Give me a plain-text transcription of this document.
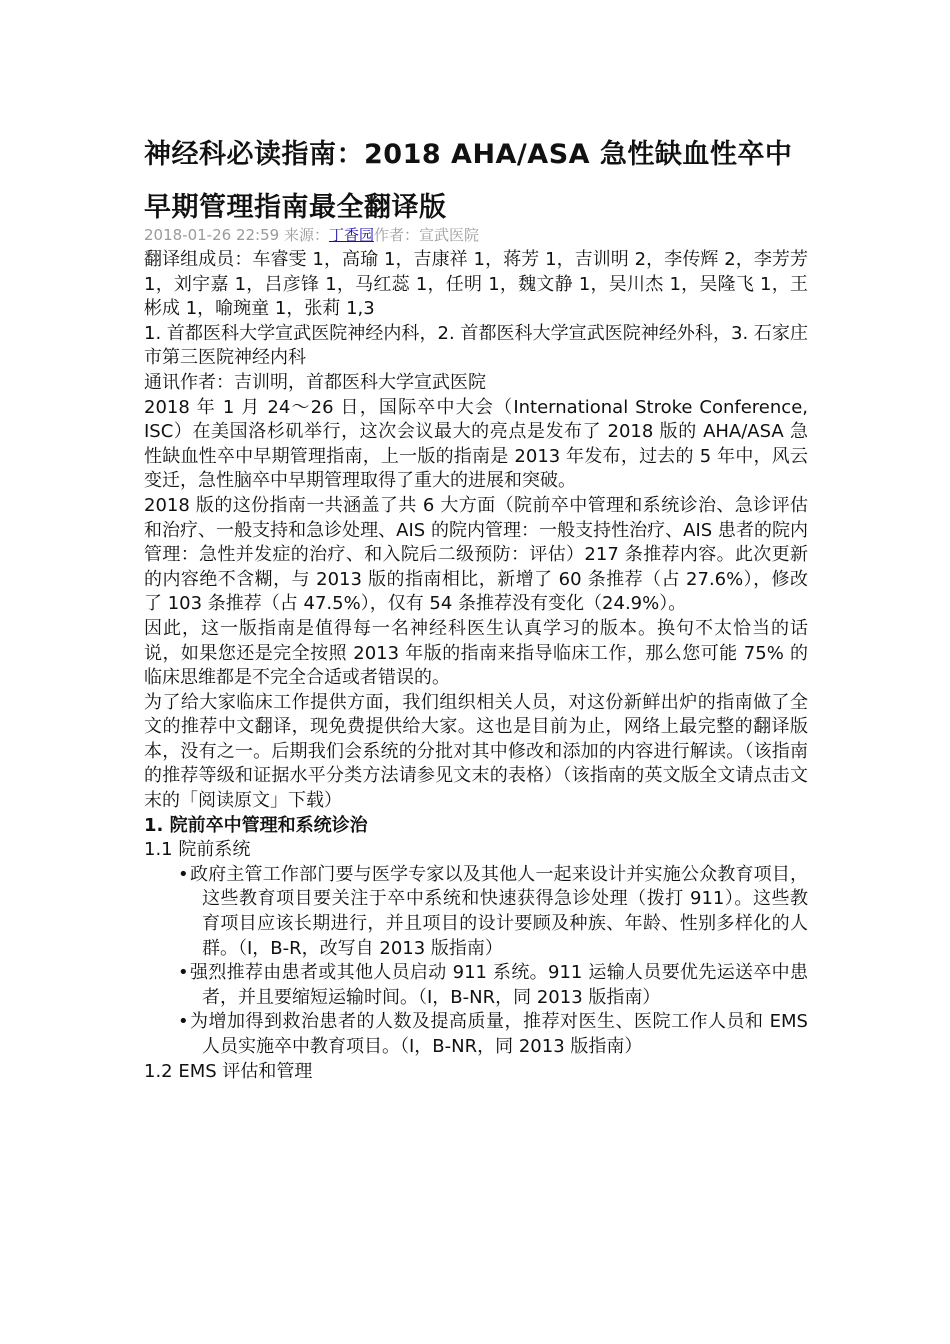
神经科必读指南：2018 AHA/ASA 急性缺血性卒中早期管理指南最全翻译版
2018-01-26 22:59 来源：丁香园作者：宣武医院

翻译组成员：车睿雯 1，高瑜 1，吉康祥 1，蒋芳 1，吉训明 2，李传辉 2，李芳芳 1，刘宇嘉 1，吕彦锋 1，马红蕊 1，任明 1，魏文静 1，吴川杰 1，吴隆飞 1，王彬成 1，喻琬童 1，张莉 1,3

1. 首都医科大学宣武医院神经内科，2. 首都医科大学宣武医院神经外科，3. 石家庄市第三医院神经内科

通讯作者：吉训明，首都医科大学宣武医院

2018 年 1 月 24～26 日，国际卒中大会（International Stroke Conference, ISC）在美国洛杉矶举行，这次会议最大的亮点是发布了 2018 版的 AHA/ASA 急性缺血性卒中早期管理指南，上一版的指南是 2013 年发布，过去的 5 年中，风云变迁，急性脑卒中早期管理取得了重大的进展和突破。

2018 版的这份指南一共涵盖了共 6 大方面（院前卒中管理和系统诊治、急诊评估和治疗、一般支持和急诊处理、AIS 的院内管理：一般支持性治疗、AIS 患者的院内管理：急性并发症的治疗、和入院后二级预防：评估）217 条推荐内容。此次更新的内容绝不含糊，与 2013 版的指南相比，新增了 60 条推荐（占 27.6%），修改了 103 条推荐（占 47.5%），仅有 54 条推荐没有变化（24.9%）。

因此，这一版指南是值得每一名神经科医生认真学习的版本。换句不太恰当的话说，如果您还是完全按照 2013 年版的指南来指导临床工作，那么您可能 75% 的临床思维都是不完全合适或者错误的。

为了给大家临床工作提供方面，我们组织相关人员，对这份新鲜出炉的指南做了全文的推荐中文翻译，现免费提供给大家。这也是目前为止，网络上最完整的翻译版本，没有之一。后期我们会系统的分批对其中修改和添加的内容进行解读。（该指南的推荐等级和证据水平分类方法请参见文末的表格）（该指南的英文版全文请点击文末的「阅读原文」下载）

1. 院前卒中管理和系统诊治
1.1 院前系统
• 政府主管工作部门要与医学专家以及其他人一起来设计并实施公众教育项目，这些教育项目要关注于卒中系统和快速获得急诊处理（拨打 911）。这些教育项目应该长期进行，并且项目的设计要顾及种族、年龄、性别多样化的人群。（I，B-R，改写自 2013 版指南）
• 强烈推荐由患者或其他人员启动 911 系统。911 运输人员要优先运送卒中患者，并且要缩短运输时间。（I，B-NR，同 2013 版指南）
• 为增加得到救治患者的人数及提高质量，推荐对医生、医院工作人员和 EMS 人员实施卒中教育项目。（I，B-NR，同 2013 版指南）
1.2 EMS 评估和管理
